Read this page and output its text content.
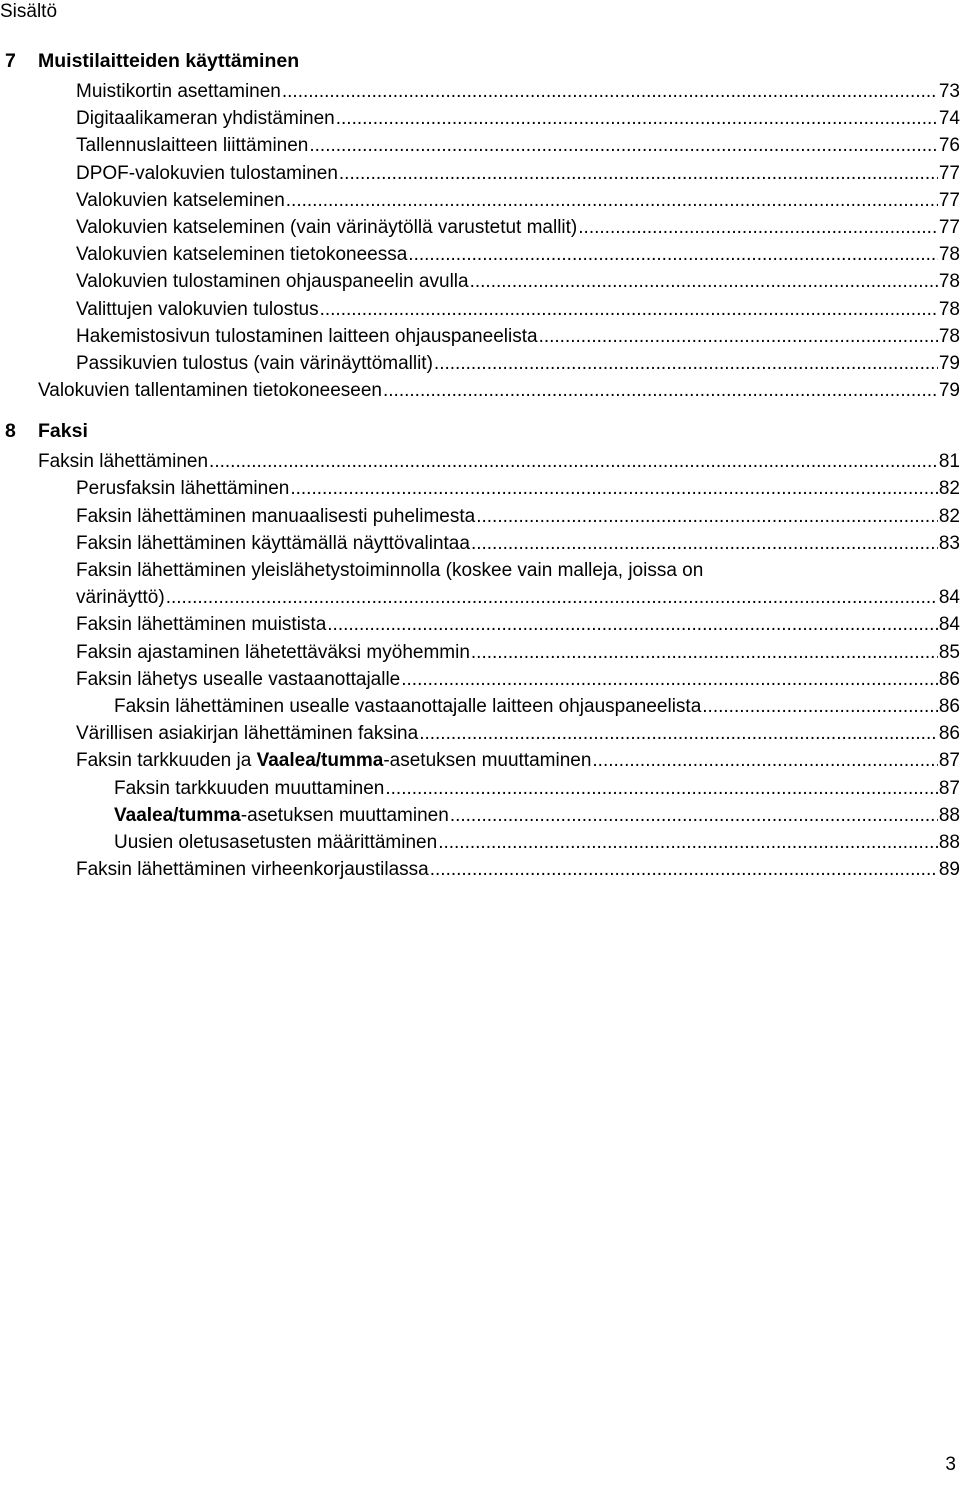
Sisältö
7 Muistilaitteiden käyttäminen
Muistikortin asettaminen .....	73
Digitaalikameran yhdistäminen .....	74
Tallennuslaitteen liittäminen .....	76
DPOF-valokuvien tulostaminen .....	77
Valokuvien katseleminen .....	77
Valokuvien katseleminen (vain värinäytöllä varustetut mallit) .....	77
Valokuvien katseleminen tietokoneessa .....	78
Valokuvien tulostaminen ohjauspaneelin avulla .....	78
Valittujen valokuvien tulostus .....	78
Hakemistosivun tulostaminen laitteen ohjauspaneelista .....	78
Passikuvien tulostus (vain värinäyttömallit) .....	79
Valokuvien tallentaminen tietokoneeseen .....	79
8 Faksi
Faksin lähettäminen .....	81
Perusfaksin lähettäminen .....	82
Faksin lähettäminen manuaalisesti puhelimesta .....	82
Faksin lähettäminen käyttämällä näyttövalintaa .....	83
Faksin lähettäminen yleislähetystoiminnolla (koskee vain malleja, joissa on
värinäyttö) .....	84
Faksin lähettäminen muistista .....	84
Faksin ajastaminen lähetettäväksi myöhemmin .....	85
Faksin lähetys usealle vastaanottajalle .....	86
Faksin lähettäminen usealle vastaanottajalle laitteen ohjauspaneelista .....	86
Värillisen asiakirjan lähettäminen faksina .....	86
Faksin tarkkuuden ja Vaalea/tumma-asetuksen muuttaminen .....	87
Faksin tarkkuuden muuttaminen .....	87
Vaalea/tumma-asetuksen muuttaminen .....	88
Uusien oletusasetusten määrittäminen .....	88
Faksin lähettäminen virheenkorjaustilassa .....	89
3
